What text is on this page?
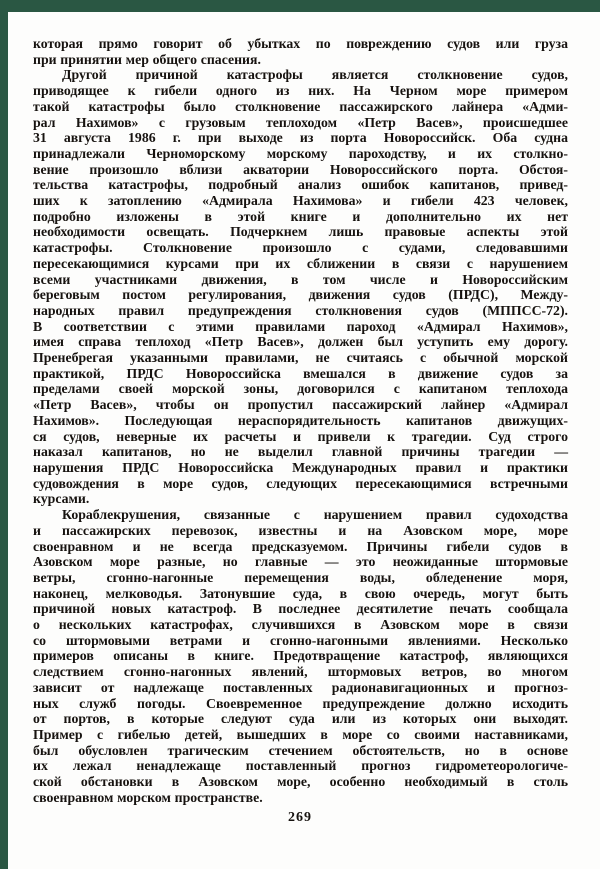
которая прямо говорит об убытках по повреждению судов или груза
при принятии мер общего спасения.
Другой причиной катастрофы является столкновение судов,
приводящее к гибели одного из них. На Черном море примером
такой катастрофы было столкновение пассажирского лайнера «Адми-
рал Нахимов» с грузовым теплоходом «Петр Васев», происшедшее
31 августа 1986 г. при выходе из порта Новороссийск. Оба судна
принадлежали Черноморскому морскому пароходству, и их столкно-
вение произошло вблизи акватории Новороссийского порта. Обстоя-
тельства катастрофы, подробный анализ ошибок капитанов, привед-
ших к затоплению «Адмирала Нахимова» и гибели 423 человек,
подробно изложены в этой книге и дополнительно их нет
необходимости освещать. Подчеркнем лишь правовые аспекты этой
катастрофы. Столкновение произошло с судами, следовавшими
пересекающимися курсами при их сближении в связи с нарушением
всеми участниками движения, в том числе и Новороссийским
береговым постом регулирования, движения судов (ПРДС), Между-
народных правил предупреждения столкновения судов (МППСС-72).
В соответствии с этими правилами пароход «Адмирал Нахимов»,
имея справа теплоход «Петр Васев», должен был уступить ему дорогу.
Пренебрегая указанными правилами, не считаясь с обычной морской
практикой, ПРДС Новороссийска вмешался в движение судов за
пределами своей морской зоны, договорился с капитаном теплохода
«Петр Васев», чтобы он пропустил пассажирский лайнер «Адмирал
Нахимов». Последующая нераспорядительность капитанов движущих-
ся судов, неверные их расчеты и привели к трагедии. Суд строго
наказал капитанов, но не выделил главной причины трагедии —
нарушения ПРДС Новороссийска Международных правил и практики
судовождения в море судов, следующих пересекающимися встречными
курсами.
Кораблекрушения, связанные с нарушением правил судоходства
и пассажирских перевозок, известны и на Азовском море, море
своенравном и не всегда предсказуемом. Причины гибели судов в
Азовском море разные, но главные — это неожиданные штормовые
ветры, сгонно-нагонные перемещения воды, обледенение моря,
наконец, мелководья. Затонувшие суда, в свою очередь, могут быть
причиной новых катастроф. В последнее десятилетие печать сообщала
о нескольких катастрофах, случившихся в Азовском море в связи
со штормовыми ветрами и сгонно-нагонными явлениями. Несколько
примеров описаны в книге. Предотвращение катастроф, являющихся
следствием сгонно-нагонных явлений, штормовых ветров, во многом
зависит от надлежаще поставленных радионавигационных и прогноз-
ных служб погоды. Своевременное предупреждение должно исходить
от портов, в которые следуют суда или из которых они выходят.
Пример с гибелью детей, вышедших в море со своими наставниками,
был обусловлен трагическим стечением обстоятельств, но в основе
их лежал ненадлежаще поставленный прогноз гидрометеорологиче-
ской обстановки в Азовском море, особенно необходимый в столь
своенравном морском пространстве.
269
